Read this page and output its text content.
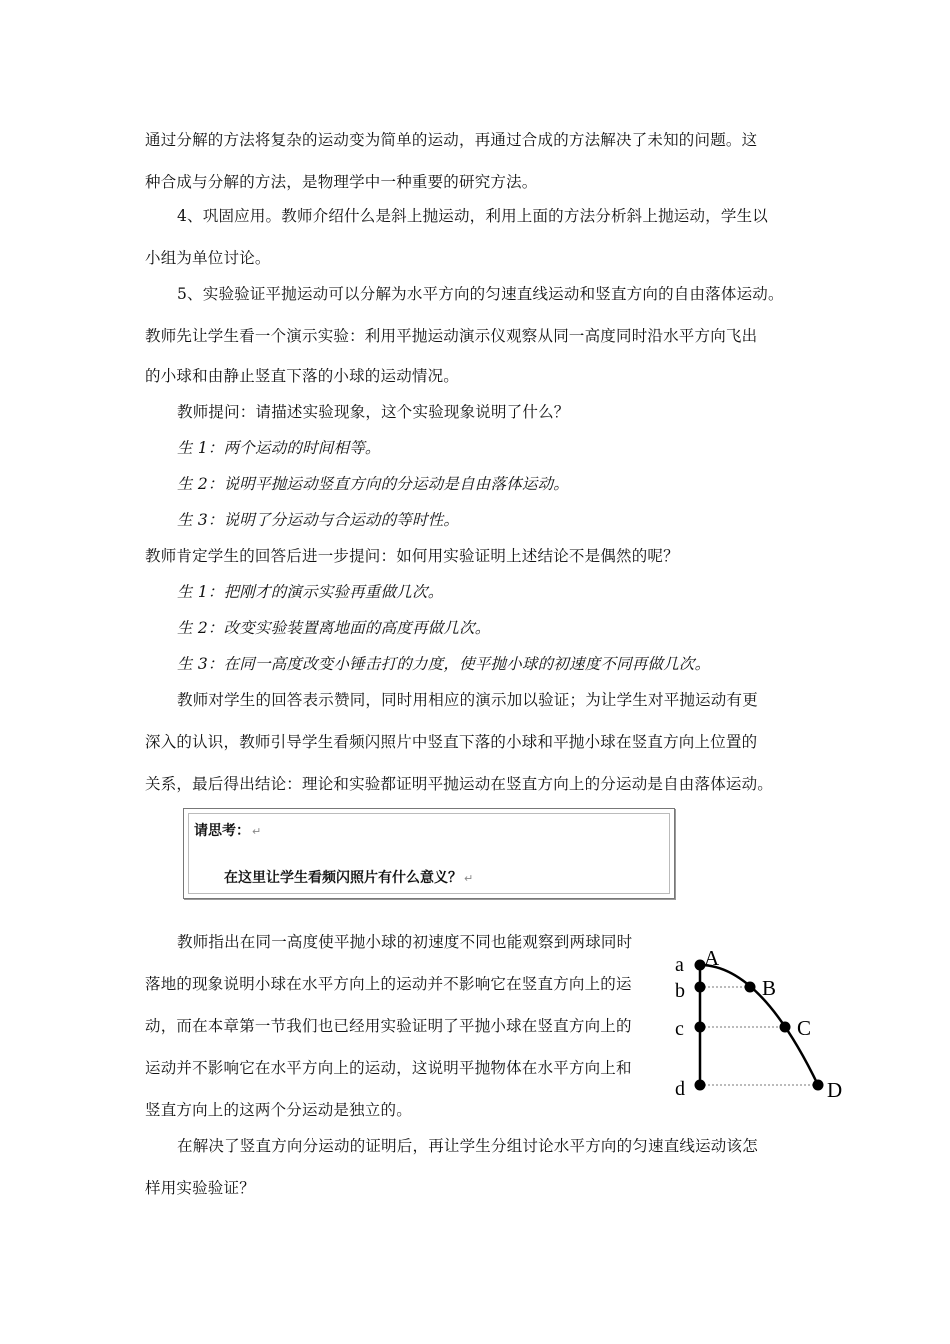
通过分解的方法将复杂的运动变为简单的运动，再通过合成的方法解决了未知的问题。这
种合成与分解的方法，是物理学中一种重要的研究方法。
4、巩固应用。教师介绍什么是斜上抛运动，利用上面的方法分析斜上抛运动，学生以
小组为单位讨论。
5、实验验证平抛运动可以分解为水平方向的匀速直线运动和竖直方向的自由落体运动。
教师先让学生看一个演示实验：利用平抛运动演示仪观察从同一高度同时沿水平方向飞出
的小球和由静止竖直下落的小球的运动情况。
教师提问：请描述实验现象，这个实验现象说明了什么？
生 1：两个运动的时间相等。
生 2：说明平抛运动竖直方向的分运动是自由落体运动。
生 3：说明了分运动与合运动的等时性。
教师肯定学生的回答后进一步提问：如何用实验证明上述结论不是偶然的呢？
生 1：把刚才的演示实验再重做几次。
生 2：改变实验装置离地面的高度再做几次。
生 3：在同一高度改变小锤击打的力度，使平抛小球的初速度不同再做几次。
教师对学生的回答表示赞同，同时用相应的演示加以验证；为让学生对平抛运动有更
深入的认识，教师引导学生看频闪照片中竖直下落的小球和平抛小球在竖直方向上位置的
关系，最后得出结论：理论和实验都证明平抛运动在竖直方向上的分运动是自由落体运动。
教师指出在同一高度使平抛小球的初速度不同也能观察到两球同时
落地的现象说明小球在水平方向上的运动并不影响它在竖直方向上的运
动，而在本章第一节我们也已经用实验证明了平抛小球在竖直方向上的
运动并不影响它在水平方向上的运动，这说明平抛物体在水平方向上和
竖直方向上的这两个分运动是独立的。
在解决了竖直方向分运动的证明后，再让学生分组讨论水平方向的匀速直线运动该怎
样用实验验证？
请思考： ↵
在这里让学生看频闪照片有什么意义？ ↵
a
b
c
d
A
B
C
D
